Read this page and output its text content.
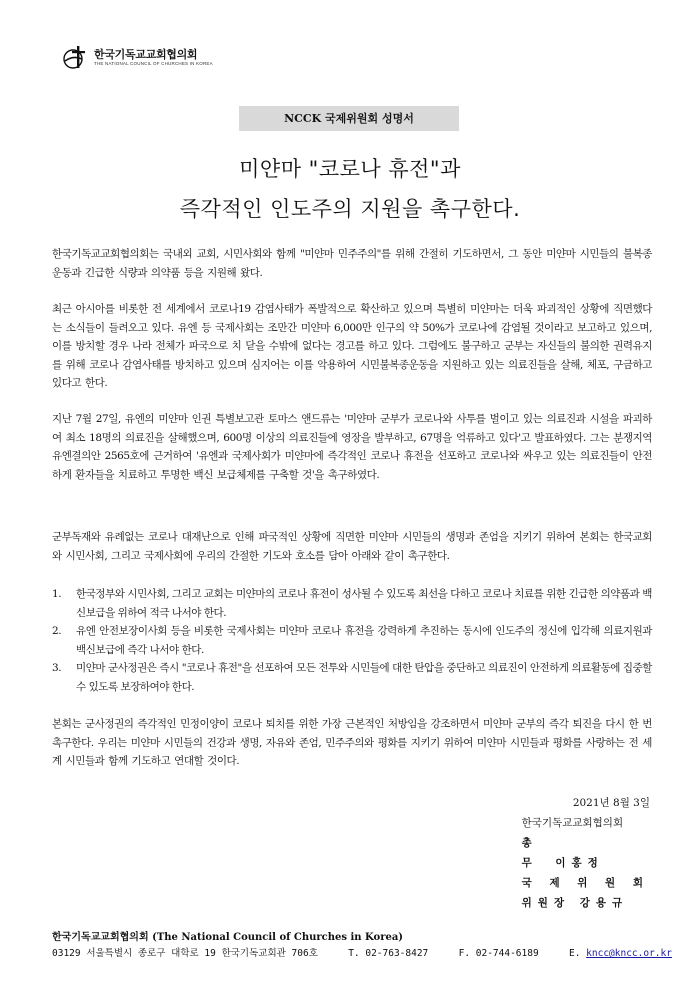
한국기독교교회협의회
THE NATIONAL COUNCIL OF CHURCHES IN KOREA
NCCK 국제위원회 성명서
미얀마 "코로나 휴전"과
즉각적인 인도주의 지원을 촉구한다.
한국기독교교회협의회는 국내외 교회, 시민사회와 함께 "미얀마 민주주의"를 위해 간절히 기도하면서, 그 동안 미얀마 시민들의 불복종운동과 긴급한 식량과 의약품 등을 지원해 왔다.
최근 아시아를 비롯한 전 세계에서 코로나19 감염사태가 폭발적으로 확산하고 있으며 특별히 미얀마는 더욱 파괴적인 상황에 직면했다는 소식들이 들려오고 있다. 유엔 등 국제사회는 조만간 미얀마 6,000만 인구의 약 50%가 코로나에 감염될 것이라고 보고하고 있으며, 이를 방치할 경우 나라 전체가 파국으로 치 닫을 수밖에 없다는 경고를 하고 있다. 그럼에도 불구하고 군부는 자신들의 불의한 권력유지를 위해 코로나 감염사태를 방치하고 있으며 심지어는 이를 악용하여 시민불복종운동을 지원하고 있는 의료진들을 살해, 체포, 구금하고 있다고 한다.
지난 7월 27일, 유엔의 미얀마 인권 특별보고관 토마스 앤드류는 '미얀마 군부가 코로나와 사투를 벌이고 있는 의료진과 시설을 파괴하여 최소 18명의 의료진을 살해했으며, 600명 이상의 의료진들에 영장을 발부하고, 67명을 억류하고 있다'고 발표하였다. 그는 분쟁지역 유엔결의안 2565호에 근거하여 '유엔과 국제사회가 미얀마에 즉각적인 코로나 휴전을 선포하고 코로나와 싸우고 있는 의료진들이 안전하게 환자들을 치료하고 투명한 백신 보급체제를 구축할 것'을 촉구하였다.
군부독재와 유례없는 코로나 대재난으로 인해 파국적인 상황에 직면한 미얀마 시민들의 생명과 존엄을 지키기 위하여 본회는 한국교회와 시민사회, 그리고 국제사회에 우리의 간절한 기도와 호소를 담아 아래와 같이 촉구한다.
1. 한국정부와 시민사회, 그리고 교회는 미얀마의 코로나 휴전이 성사될 수 있도록 최선을 다하고 코로나 치료를 위한 긴급한 의약품과 백신보급을 위하여 적극 나서야 한다.
2. 유엔 안전보장이사회 등을 비롯한 국제사회는 미얀마 코로나 휴전을 강력하게 추진하는 동시에 인도주의 정신에 입각해 의료지원과 백신보급에 즉각 나서야 한다.
3. 미얀마 군사정권은 즉시 "코로나 휴전"을 선포하여 모든 전투와 시민들에 대한 탄압을 중단하고 의료진이 안전하게 의료활동에 집중할 수 있도록 보장하여야 한다.
본회는 군사정권의 즉각적인 민정이양이 코로나 퇴치를 위한 가장 근본적인 처방임을 강조하면서 미얀마 군부의 즉각 퇴진을 다시 한 번 촉구한다. 우리는 미얀마 시민들의 건강과 생명, 자유와 존엄, 민주주의와 평화를 지키기 위하여 미얀마 시민들과 평화를 사랑하는 전 세계 시민들과 함께 기도하고 연대할 것이다.
2021년 8월 3일
한국기독교교회협의회
총 무 이홍정
국 제 위 원 회
위원장 강용규
한국기독교교회협의회 (The National Council of Churches in Korea)
03129 서울특별시 종로구 대학로 19 한국기독교회관 706호	T. 02-763-8427	F. 02-744-6189	E. kncc@kncc.or.kr
